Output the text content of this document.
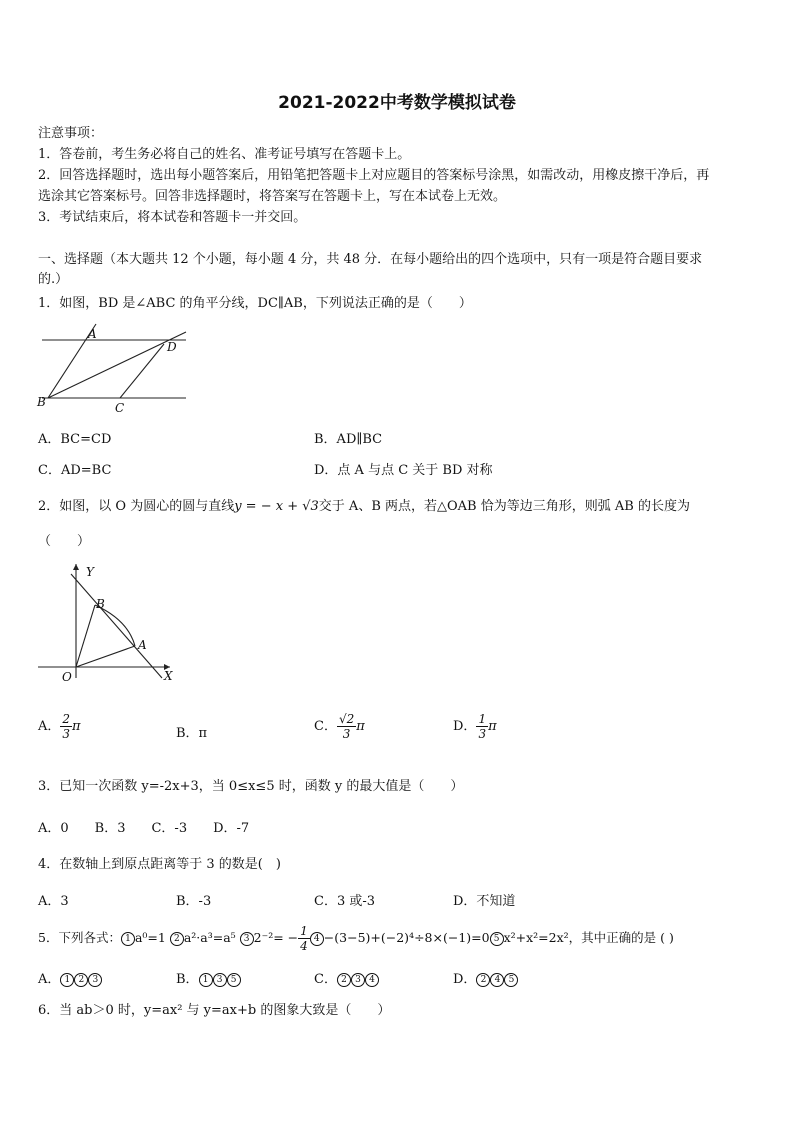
2021-2022中考数学模拟试卷
注意事项：
1．答卷前，考生务必将自己的姓名、准考证号填写在答题卡上。
2．回答选择题时，选出每小题答案后，用铅笔把答题卡上对应题目的答案标号涂黑，如需改动，用橡皮擦干净后，再
选涂其它答案标号。回答非选择题时，将答案写在答题卡上，写在本试卷上无效。
3．考试结束后，将本试卷和答题卡一并交回。
一、选择题（本大题共 12 个小题，每小题 4 分，共 48 分．在每小题给出的四个选项中，只有一项是符合题目要求
的.）
1．如图，BD 是∠ABC 的角平分线，DC∥AB，下列说法正确的是（　　）
A
D
B	C
A．BC=CD	B．AD∥BC
C．AD=BC	D．点 A 与点 C 关于 BD 对称
2．如图，以 O 为圆心的圆与直线y = − x + √3交于 A、B 两点，若△OAB 恰为等边三角形，则弧 AB 的长度为
（　　）
Y
X
O
A
B
A． $\frac{2}{3}$ π	B．π	C． $\frac{√2}{3}$ π	D． $\frac{1}{3}$ π
3．已知一次函数 y=-2x+3，当 0≤x≤5 时，函数 y 的最大值是（　　）
A．0　　B．3　　C．-3　　D．-7
4．在数轴上到原点距离等于 3 的数是(　)
A．3	B．-3	C．3 或-3	D．不知道
5．下列各式： 1 a⁰=1 2 a²·a³=a⁵ 3 $2^{-2}= - \frac{1}{4} 4 -(3-5)+(-2)^4\div 8\times(-1)=0$ 5 x²+x²=2x²，其中正确的是 ( )
A． 1 2 3	B． 1 3 5	C． 2 3 4	D． 2 4 5
6．当 ab＞0 时，y=ax² 与 y=ax+b 的图象大致是（　　）
